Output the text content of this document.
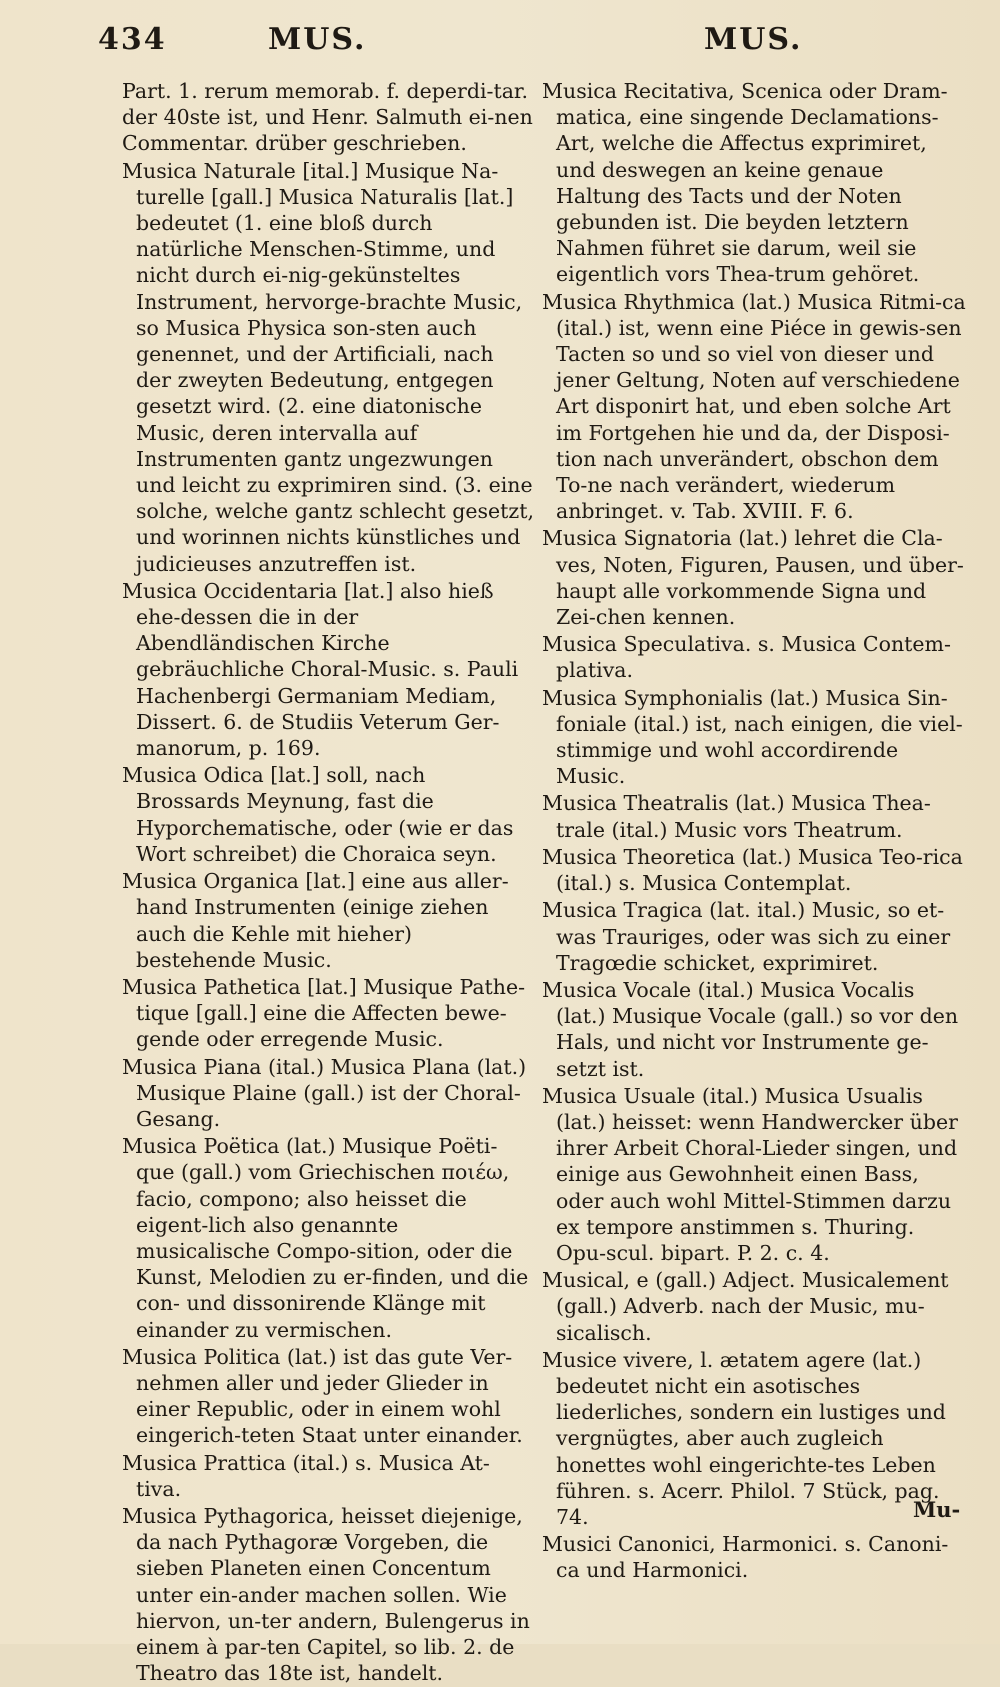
434	MUS.	MUS.
Part. 1. rerum memorab. f. deperdi-tar. der 40ste ist, und Henr. Salmuth ei-nen Commentar. drüber geschrieben.
Musica Naturale [ital.] Musique Na-turelle [gall.] Musica Naturalis [lat.] bedeutet (1. eine bloß durch natürliche Menschen-Stimme, und nicht durch ei-nig-gekünsteltes Instrument, hervorge-brachte Music, so Musica Physica son-sten auch genennet, und der Artificiali, nach der zweyten Bedeutung, entgegen gesetzt wird. (2. eine diatonische Music, deren intervalla auf Instrumenten gantz ungezwungen und leicht zu exprimiren sind. (3. eine solche, welche gantz schlecht gesetzt, und worinnen nichts künstliches und judicieuses anzutreffen ist.
Musica Occidentaria [lat.] also hieß ehe-dessen die in der Abendländischen Kirche gebräuchliche Choral-Music. s. Pauli Hachenbergi Germaniam Mediam, Dissert. 6. de Studiis Veterum Ger-manorum, p. 169.
Musica Odica [lat.] soll, nach Brossards Meynung, fast die Hyporchematische, oder (wie er das Wort schreibet) die Choraica seyn.
Musica Organica [lat.] eine aus aller-hand Instrumenten (einige ziehen auch die Kehle mit hieher) bestehende Music.
Musica Pathetica [lat.] Musique Pathe-tique [gall.] eine die Affecten bewe-gende oder erregende Music.
Musica Piana (ital.) Musica Plana (lat.) Musique Plaine (gall.) ist der Choral-Gesang.
Musica Poëtica (lat.) Musique Poëti-que (gall.) vom Griechischen ποιέω, facio, compono; also heisset die eigent-lich also genannte musicalische Compo-sition, oder die Kunst, Melodien zu er-finden, und die con- und dissonirende Klänge mit einander zu vermischen.
Musica Politica (lat.) ist das gute Ver-nehmen aller und jeder Glieder in einer Republic, oder in einem wohl eingerich-teten Staat unter einander.
Musica Prattica (ital.) s. Musica At-tiva.
Musica Pythagorica, heisset diejenige, da nach Pythagoræ Vorgeben, die sieben Planeten einen Concentum unter ein-ander machen sollen. Wie hiervon, un-ter andern, Bulengerus in einem à par-ten Capitel, so lib. 2. de Theatro das 18te ist, handelt.
Musica Recitativa, Scenica oder Dram-matica, eine singende Declamations-Art, welche die Affectus exprimiret, und deswegen an keine genaue Haltung des Tacts und der Noten gebunden ist. Die beyden letztern Nahmen führet sie darum, weil sie eigentlich vors Thea-trum gehöret.
Musica Rhythmica (lat.) Musica Ritmi-ca (ital.) ist, wenn eine Piéce in gewis-sen Tacten so und so viel von dieser und jener Geltung, Noten auf verschiedene Art disponirt hat, und eben solche Art im Fortgehen hie und da, der Disposi-tion nach unverändert, obschon dem To-ne nach verändert, wiederum anbringet. v. Tab. XVIII. F. 6.
Musica Signatoria (lat.) lehret die Cla-ves, Noten, Figuren, Pausen, und über-haupt alle vorkommende Signa und Zei-chen kennen.
Musica Speculativa. s. Musica Contem-plativa.
Musica Symphonialis (lat.) Musica Sin-foniale (ital.) ist, nach einigen, die viel-stimmige und wohl accordirende Music.
Musica Theatralis (lat.) Musica Thea-trale (ital.) Music vors Theatrum.
Musica Theoretica (lat.) Musica Teo-rica (ital.) s. Musica Contemplat.
Musica Tragica (lat. ital.) Music, so et-was Trauriges, oder was sich zu einer Tragœdie schicket, exprimiret.
Musica Vocale (ital.) Musica Vocalis (lat.) Musique Vocale (gall.) so vor den Hals, und nicht vor Instrumente ge-setzt ist.
Musica Usuale (ital.) Musica Usualis (lat.) heisset: wenn Handwercker über ihrer Arbeit Choral-Lieder singen, und einige aus Gewohnheit einen Bass, oder auch wohl Mittel-Stimmen darzu ex tempore anstimmen s. Thuring. Opu-scul. bipart. P. 2. c. 4.
Musical, e (gall.) Adject. Musicalement (gall.) Adverb. nach der Music, mu-sicalisch.
Musice vivere, l. ætatem agere (lat.) bedeutet nicht ein asotisches liederliches, sondern ein lustiges und vergnügtes, aber auch zugleich honettes wohl eingerichte-tes Leben führen. s. Acerr. Philol. 7 Stück, pag. 74.
Musici Canonici, Harmonici. s. Canoni-ca und Harmonici.
Mu-
